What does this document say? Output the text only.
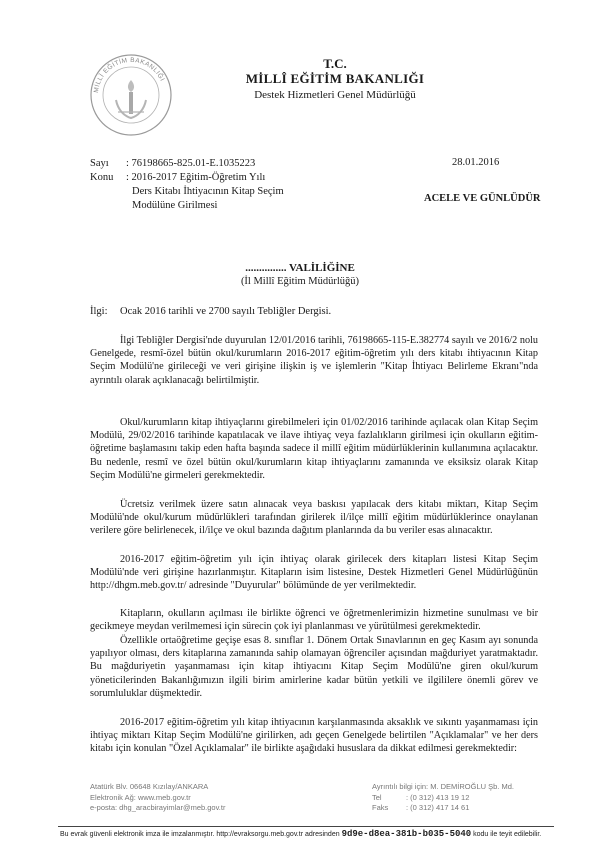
MİLLÎ EĞİTİM BAKANLIĞI
T.C.
MİLLÎ EĞİTİM BAKANLIĞI
Destek Hizmetleri Genel Müdürlüğü
Sayı : 76198665-825.01-E.1035223
Konu : 2016-2017 Eğitim-Öğretim Yılı
Ders Kitabı İhtiyacının Kitap Seçim
Modülüne Girilmesi
28.01.2016
ACELE VE GÜNLÜDÜR
............... VALİLİĞİNE
(İl Millî Eğitim Müdürlüğü)
İlgi: Ocak 2016 tarihli ve 2700 sayılı Tebliğler Dergisi.

İlgi Tebliğler Dergisi'nde duyurulan 12/01/2016 tarihli, 76198665-115-E.382774 sayılı ve 2016/2 nolu Genelgede, resmî-özel bütün okul/kurumların 2016-2017 eğitim-öğretim yılı ders kitabı ihtiyacının Kitap Seçim Modülü'ne girileceği ve veri girişine ilişkin iş ve işlemlerin "Kitap İhtiyacı Belirleme Ekranı"nda ayrıntılı olarak açıklanacağı belirtilmiştir.

Okul/kurumların kitap ihtiyaçlarını girebilmeleri için 01/02/2016 tarihinde açılacak olan Kitap Seçim Modülü, 29/02/2016 tarihinde kapatılacak ve ilave ihtiyaç veya fazlalıkların girilmesi için okulların eğitim-öğretime başlamasını takip eden hafta başında sadece il millî eğitim müdürlüklerinin kullanımına açılacaktır. Bu nedenle, resmî ve özel bütün okul/kurumların kitap ihtiyaçlarını zamanında ve eksiksiz olarak Kitap Seçim Modülü'ne girmeleri gerekmektedir.

Ücretsiz verilmek üzere satın alınacak veya baskısı yapılacak ders kitabı miktarı, Kitap Seçim Modülü'nde okul/kurum müdürlükleri tarafından girilerek il/ilçe millî eğitim müdürlüklerince onaylanan verilere göre belirlenecek, il/ilçe ve okul bazında dağıtım planlarında da bu veriler esas alınacaktır.

2016-2017 eğitim-öğretim yılı için ihtiyaç olarak girilecek ders kitapları listesi Kitap Seçim Modülü'nde veri girişine hazırlanmıştır. Kitapların isim listesine, Destek Hizmetleri Genel Müdürlüğünün http://dhgm.meb.gov.tr/ adresinde "Duyurular" bölümünde de yer verilmektedir.

Kitapların, okulların açılması ile birlikte öğrenci ve öğretmenlerimizin hizmetine sunulması ve bir gecikmeye meydan verilmemesi için sürecin çok iyi planlanması ve yürütülmesi gerekmektedir.

Özellikle ortaöğretime geçişe esas 8. sınıflar 1. Dönem Ortak Sınavlarının en geç Kasım ayı sonunda yapılıyor olması, ders kitaplarına zamanında sahip olamayan öğrenciler açısından mağduriyet yaratmaktadır. Bu mağduriyetin yaşanmaması için kitap ihtiyacını Kitap Seçim Modülü'ne giren okul/kurum yöneticilerinden Bakanlığımızın ilgili birim amirlerine kadar bütün yetkili ve ilgililere önemli görev ve sorumluluklar düşmektedir.

2016-2017 eğitim-öğretim yılı kitap ihtiyacının karşılanmasında aksaklık ve sıkıntı yaşanmaması için ihtiyaç miktarı Kitap Seçim Modülü'ne girilirken, adı geçen Genelgede belirtilen "Açıklamalar" ve her ders kitabı için konulan "Özel Açıklamalar" ile birlikte aşağıdaki hususlara da dikkat edilmesi gerekmektedir:

Atatürk Blv. 06648 Kızılay/ANKARA
Elektronik Ağ: www.meb.gov.tr
e-posta: dhg_aracbirayimlar@meb.gov.tr
Ayrıntılı bilgi için: M. DEMİROĞLU Şb. Md.
Tel	: (0 312) 413 19 12
Faks : (0 312) 417 14 61
Bu evrak güvenli elektronik imza ile imzalanmıştır. http://evraksorgu.meb.gov.tr adresinden 9d9e-d8ea-381b-b035-5040 kodu ile teyit edilebilir.
